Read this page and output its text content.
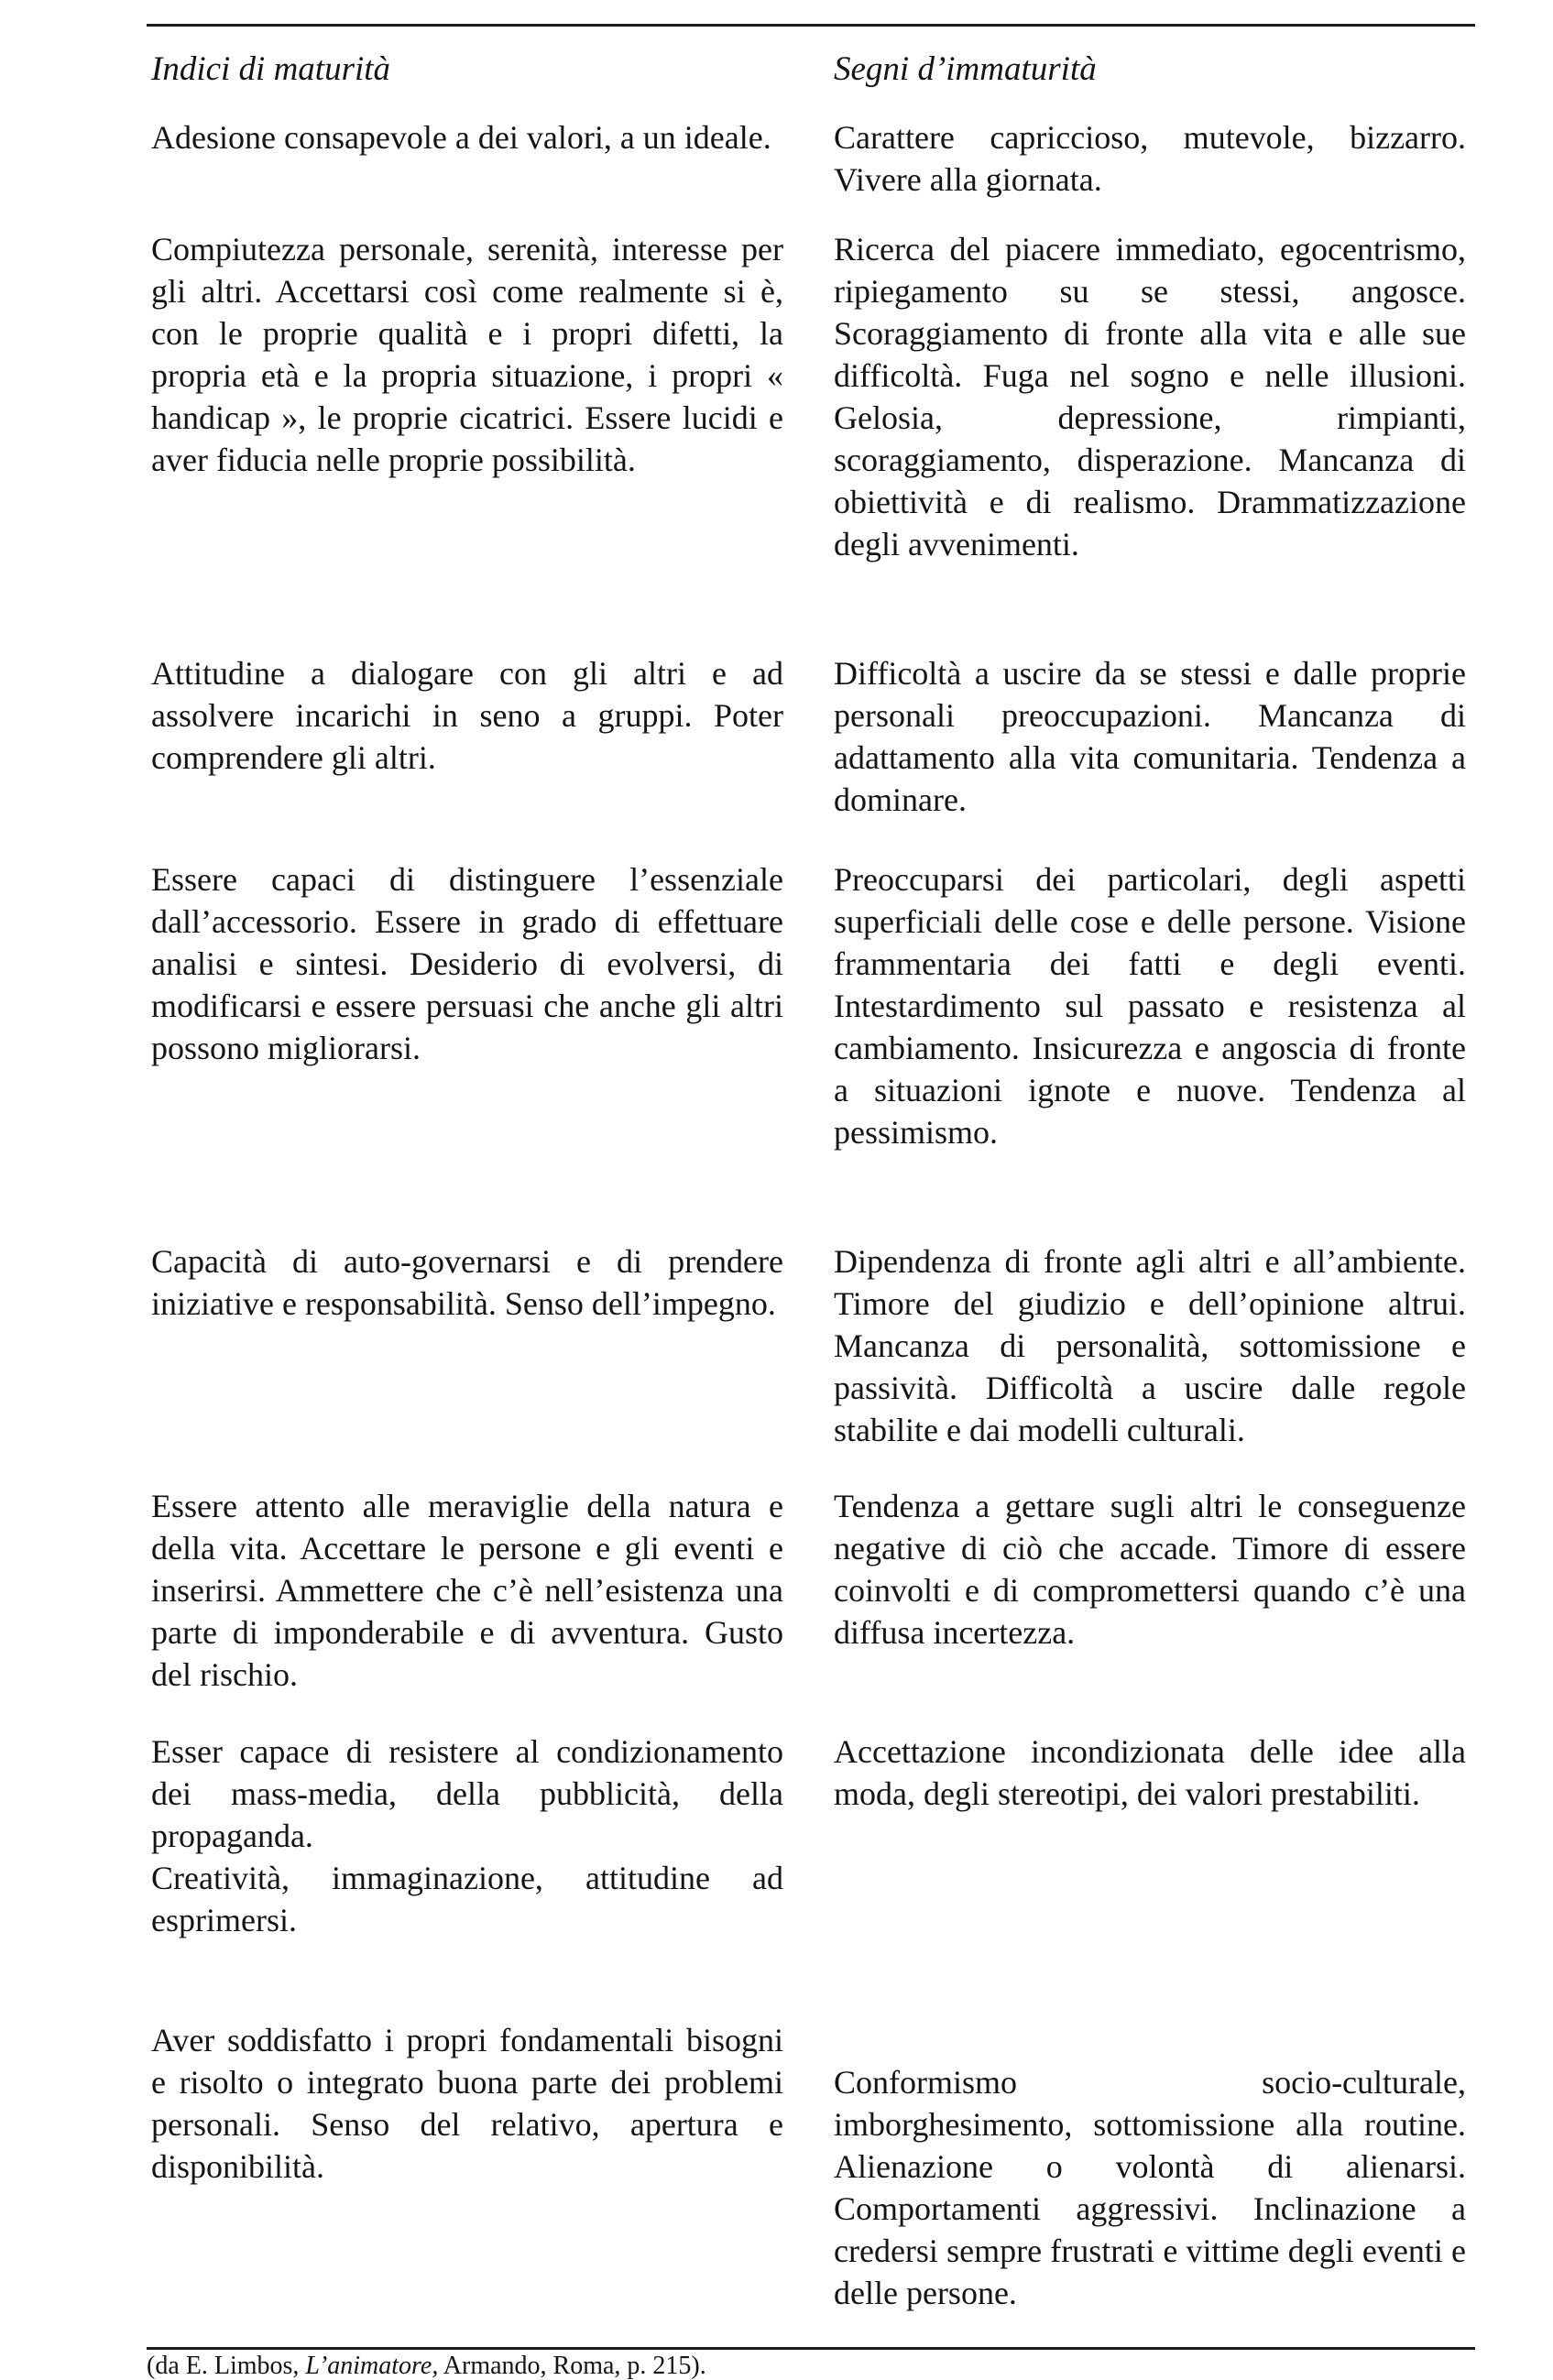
Indici di maturità	Segni d’immaturità
Adesione consapevole a dei valori, a un ideale.	Carattere capriccioso, mutevole, bizzarro. Vivere alla giornata.
Compiutezza personale, serenità, interesse per gli altri. Accettarsi così come realmente si è, con le proprie qualità e i propri difetti, la propria età e la propria situazione, i propri « handicap », le proprie cicatrici. Essere lucidi e aver fiducia nelle proprie possibilità.
Ricerca del piacere immediato, egocentrismo, ripiegamento su se stessi, angosce. Scoraggiamento di fronte alla vita e alle sue difficoltà. Fuga nel sogno e nelle illusioni. Gelosia, depressione, rimpianti, scoraggiamento, disperazione. Mancanza di obiettività e di realismo. Drammatizzazione degli avvenimenti.
Attitudine a dialogare con gli altri e ad assolvere incarichi in seno a gruppi. Poter comprendere gli altri.
Difficoltà a uscire da se stessi e dalle proprie personali preoccupazioni. Mancanza di adattamento alla vita comunitaria. Tendenza a dominare.
Essere capaci di distinguere l’essenziale dall’accessorio. Essere in grado di effettuare analisi e sintesi. Desiderio di evolversi, di modificarsi e essere persuasi che anche gli altri possono migliorarsi.
Preoccuparsi dei particolari, degli aspetti superficiali delle cose e delle persone. Visione frammentaria dei fatti e degli eventi. Intestardimento sul passato e resistenza al cambiamento. Insicurezza e angoscia di fronte a situazioni ignote e nuove. Tendenza al pessimismo.
Capacità di auto-governarsi e di prendere iniziative e responsabilità. Senso dell’impegno.
Dipendenza di fronte agli altri e all’ambiente. Timore del giudizio e dell’opinione altrui. Mancanza di personalità, sottomissione e passività. Difficoltà a uscire dalle regole stabilite e dai modelli culturali.
Essere attento alle meraviglie della natura e della vita. Accettare le persone e gli eventi e inserirsi. Ammettere che c’è nell’esistenza una parte di imponderabile e di avventura. Gusto del rischio.
Tendenza a gettare sugli altri le conseguenze negative di ciò che accade. Timore di essere coinvolti e di compromettersi quando c’è una diffusa incertezza.

Esser capace di resistere al condizionamento dei mass-media, della pubblicità, della propaganda.

Creatività, immaginazione, attitudine ad esprimersi.

Accettazione incondizionata delle idee alla moda, degli stereotipi, dei valori prestabiliti.
Aver soddisfatto i propri fondamentali bisogni e risolto o integrato buona parte dei problemi personali. Senso del relativo, apertura e disponibilità.
Conformismo socio-culturale, imborghesimento, sottomissione alla routine. Alienazione o volontà di alienarsi. Comportamenti aggressivi. Inclinazione a credersi sempre frustrati e vittime degli eventi e delle persone.
(da E. Limbos, L’animatore, Armando, Roma, p. 215).
